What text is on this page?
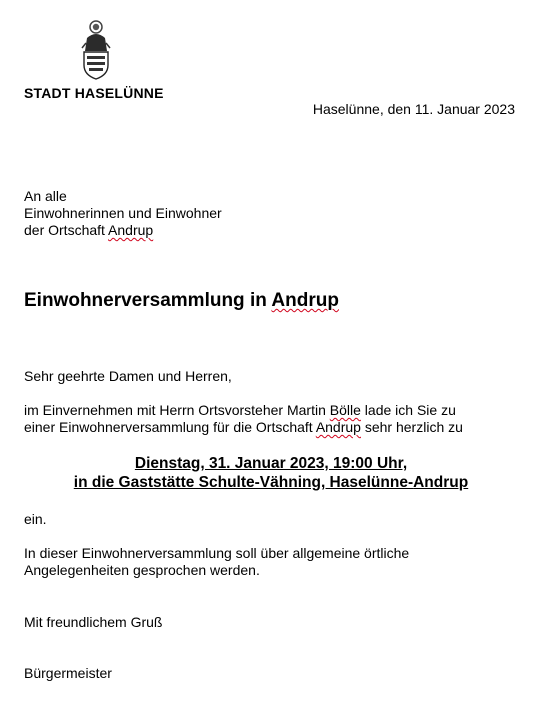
STADT HASELÜNNE
Haselünne, den 11. Januar 2023
An alle
Einwohnerinnen und Einwohner
der Ortschaft Andrup
Einwohnerversammlung in Andrup
Sehr geehrte Damen und Herren,
im Einvernehmen mit Herrn Ortsvorsteher Martin Bölle lade ich Sie zu
einer Einwohnerversammlung für die Ortschaft Andrup sehr herzlich zu
Dienstag, 31. Januar 2023, 19:00 Uhr,
in die Gaststätte Schulte-Vähning, Haselünne-Andrup
ein.
In dieser Einwohnerversammlung soll über allgemeine örtliche
Angelegenheiten gesprochen werden.
Mit freundlichem Gruß
Bürgermeister
